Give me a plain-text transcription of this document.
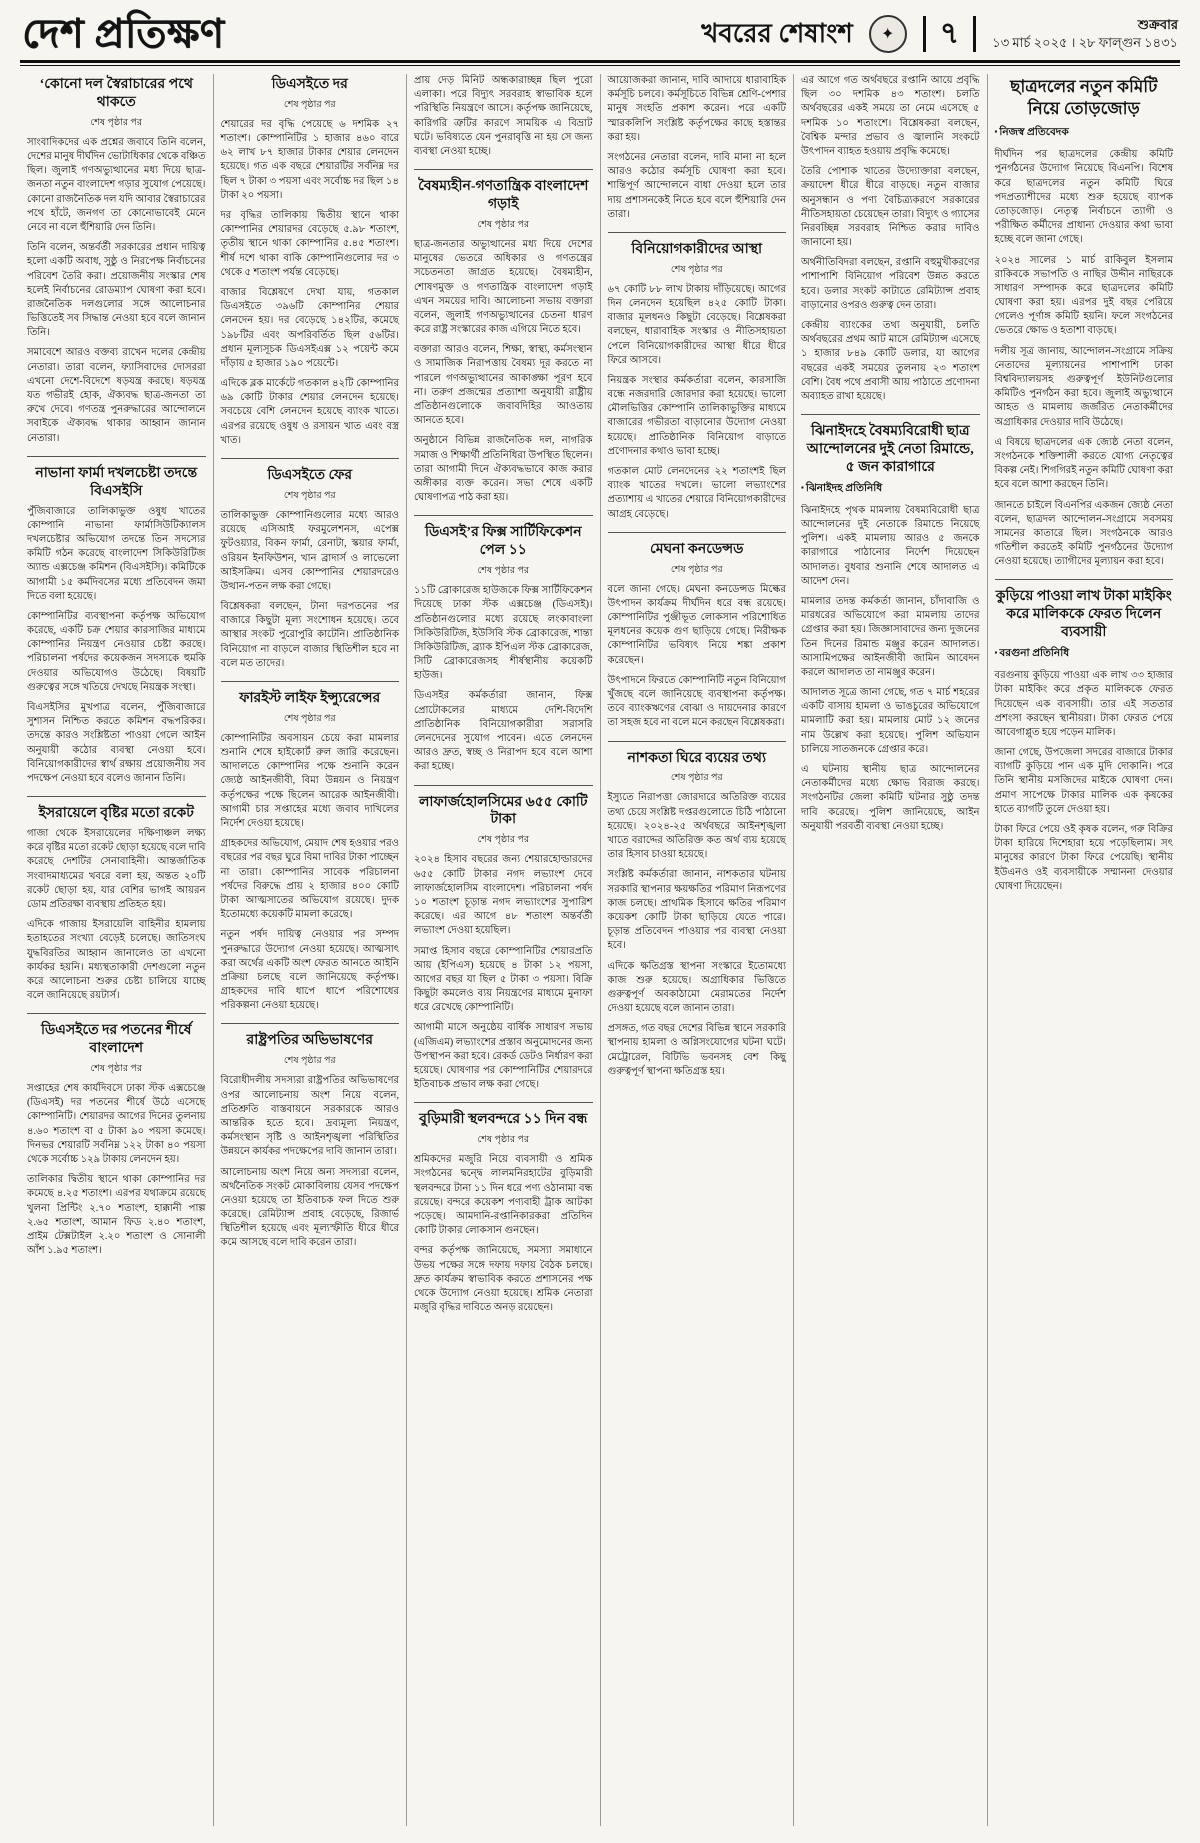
দেশ প্রতিক্ষণ	খবরের শেষাংশ ✦	৭	শুক্রবার
১৩ মার্চ ২০২৫ । ২৮ ফাল্গুন ১৪৩১
‘কোনো দল স্বৈরাচারের পথে থাকতে
শেষ পৃষ্ঠার পর
সাংবাদিকদের এক প্রশ্নের জবাবে তিনি বলেন, দেশের মানুষ দীর্ঘদিন ভোটাধিকার থেকে বঞ্চিত ছিল। জুলাই গণঅভ্যুত্থানের মধ্য দিয়ে ছাত্র-জনতা নতুন বাংলাদেশ গড়ার সুযোগ পেয়েছে। কোনো রাজনৈতিক দল যদি আবার স্বৈরাচারের পথে হাঁটে, জনগণ তা কোনোভাবেই মেনে নেবে না বলে হুঁশিয়ারি দেন তিনি।
তিনি বলেন, অন্তর্বর্তী সরকারের প্রধান দায়িত্ব হলো একটি অবাধ, সুষ্ঠু ও নিরপেক্ষ নির্বাচনের পরিবেশ তৈরি করা। প্রয়োজনীয় সংস্কার শেষ হলেই নির্বাচনের রোডম্যাপ ঘোষণা করা হবে। রাজনৈতিক দলগুলোর সঙ্গে আলোচনার ভিত্তিতেই সব সিদ্ধান্ত নেওয়া হবে বলে জানান তিনি।
সমাবেশে আরও বক্তব্য রাখেন দলের কেন্দ্রীয় নেতারা। তারা বলেন, ফ্যাসিবাদের দোসররা এখনো দেশে-বিদেশে ষড়যন্ত্র করছে। ষড়যন্ত্র যত গভীরই হোক, ঐক্যবদ্ধ ছাত্র-জনতা তা রুখে দেবে। গণতন্ত্র পুনরুদ্ধারের আন্দোলনে সবাইকে ঐক্যবদ্ধ থাকার আহ্বান জানান নেতারা।
নাভানা ফার্মা দখলচেষ্টা তদন্তে বিএসইসি
পুঁজিবাজারে তালিকাভুক্ত ওষুধ খাতের কোম্পানি নাভানা ফার্মাসিউটিক্যালস দখলচেষ্টার অভিযোগ তদন্তে তিন সদস্যের কমিটি গঠন করেছে বাংলাদেশ সিকিউরিটিজ অ্যান্ড এক্সচেঞ্জ কমিশন (বিএসইসি)। কমিটিকে আগামী ১৫ কর্মদিবসের মধ্যে প্রতিবেদন জমা দিতে বলা হয়েছে।
কোম্পানিটির ব্যবস্থাপনা কর্তৃপক্ষ অভিযোগ করেছে, একটি চক্র শেয়ার কারসাজির মাধ্যমে কোম্পানির নিয়ন্ত্রণ নেওয়ার চেষ্টা করছে। পরিচালনা পর্ষদের কয়েকজন সদস্যকে হুমকি দেওয়ার অভিযোগও উঠেছে। বিষয়টি গুরুত্বের সঙ্গে খতিয়ে দেখছে নিয়ন্ত্রক সংস্থা।
বিএসইসির মুখপাত্র বলেন, পুঁজিবাজারে সুশাসন নিশ্চিত করতে কমিশন বদ্ধপরিকর। তদন্তে কারও সংশ্লিষ্টতা পাওয়া গেলে আইন অনুযায়ী কঠোর ব্যবস্থা নেওয়া হবে। বিনিয়োগকারীদের স্বার্থ রক্ষায় প্রয়োজনীয় সব পদক্ষেপ নেওয়া হবে বলেও জানান তিনি।
ইসরায়েলে বৃষ্টির মতো রকেট
গাজা থেকে ইসরায়েলের দক্ষিণাঞ্চল লক্ষ্য করে বৃষ্টির মতো রকেট ছোড়া হয়েছে বলে দাবি করেছে দেশটির সেনাবাহিনী। আন্তর্জাতিক সংবাদমাধ্যমের খবরে বলা হয়, অন্তত ২০টি রকেট ছোড়া হয়, যার বেশির ভাগই আয়রন ডোম প্রতিরক্ষা ব্যবস্থায় প্রতিহত হয়।
এদিকে গাজায় ইসরায়েলি বাহিনীর হামলায় হতাহতের সংখ্যা বেড়েই চলেছে। জাতিসংঘ যুদ্ধবিরতির আহ্বান জানালেও তা এখনো কার্যকর হয়নি। মধ্যস্থতাকারী দেশগুলো নতুন করে আলোচনা শুরুর চেষ্টা চালিয়ে যাচ্ছে বলে জানিয়েছে রয়টার্স।
ডিএসইতে দর পতনের শীর্ষে বাংলাদেশ
শেষ পৃষ্ঠার পর
সপ্তাহের শেষ কার্যদিবসে ঢাকা স্টক এক্সচেঞ্জে (ডিএসই) দর পতনের শীর্ষে উঠে এসেছে কোম্পানিটি। শেয়ারদর আগের দিনের তুলনায় ৪.৬০ শতাংশ বা ৫ টাকা ৯০ পয়সা কমেছে। দিনভর শেয়ারটি সর্বনিম্ন ১২২ টাকা ৪০ পয়সা থেকে সর্বোচ্চ ১২৯ টাকায় লেনদেন হয়।
তালিকার দ্বিতীয় স্থানে থাকা কোম্পানির দর কমেছে ৪.২৫ শতাংশ। এরপর যথাক্রমে রয়েছে খুলনা প্রিন্টিং ২.৭০ শতাংশ, হাক্কানী পাল্প ২.৬৫ শতাংশ, আমান ফিড ২.৪০ শতাংশ, প্রাইম টেক্সটাইল ২.২০ শতাংশ ও সোনালী আঁশ ১.৯৫ শতাংশ।
ডিএসইতে দর
শেষ পৃষ্ঠার পর
শেয়ারের দর বৃদ্ধি পেয়েছে ৬ দশমিক ২৭ শতাংশ। কোম্পানিটির ১ হাজার ৪৬০ বারে ৬২ লাখ ৮৭ হাজার টাকার শেয়ার লেনদেন হয়েছে। গত এক বছরে শেয়ারটির সর্বনিম্ন দর ছিল ৭ টাকা ৩ পয়সা এবং সর্বোচ্চ দর ছিল ১৪ টাকা ২০ পয়সা।
দর বৃদ্ধির তালিকায় দ্বিতীয় স্থানে থাকা কোম্পানির শেয়ারদর বেড়েছে ৫.৯৮ শতাংশ, তৃতীয় স্থানে থাকা কোম্পানির ৫.৪৫ শতাংশ। শীর্ষ দশে থাকা বাকি কোম্পানিগুলোর দর ৩ থেকে ৫ শতাংশ পর্যন্ত বেড়েছে।
বাজার বিশ্লেষণে দেখা যায়, গতকাল ডিএসইতে ৩৯৬টি কোম্পানির শেয়ার লেনদেন হয়। দর বেড়েছে ১৪২টির, কমেছে ১৯৮টির এবং অপরিবর্তিত ছিল ৫৬টির। প্রধান মূল্যসূচক ডিএসইএক্স ১২ পয়েন্ট কমে দাঁড়ায় ৫ হাজার ১৯০ পয়েন্টে।
এদিকে ব্লক মার্কেটে গতকাল ৪২টি কোম্পানির ৬৯ কোটি টাকার শেয়ার লেনদেন হয়েছে। সবচেয়ে বেশি লেনদেন হয়েছে ব্যাংক খাতে। এরপর রয়েছে ওষুধ ও রসায়ন খাত এবং বস্ত্র খাত।
ডিএসইতে ফের
শেষ পৃষ্ঠার পর
তালিকাভুক্ত কোম্পানিগুলোর মধ্যে আরও রয়েছে এসিআই ফরমুলেশনস, এপেক্স ফুটওয়্যার, বিকন ফার্মা, রেনাটা, স্কয়ার ফার্মা, ওরিয়ন ইনফিউশন, খান ব্রাদার্স ও লাভেলো আইসক্রিম। এসব কোম্পানির শেয়ারদরেও উত্থান-পতন লক্ষ করা গেছে।
বিশ্লেষকরা বলছেন, টানা দরপতনের পর বাজারে কিছুটা মূল্য সংশোধন হয়েছে। তবে আস্থার সংকট পুরোপুরি কাটেনি। প্রাতিষ্ঠানিক বিনিয়োগ না বাড়লে বাজার স্থিতিশীল হবে না বলে মত তাদের।
ফারইস্ট লাইফ ইন্স্যুরেন্সের
শেষ পৃষ্ঠার পর
কোম্পানিটির অবসায়ন চেয়ে করা মামলার শুনানি শেষে হাইকোর্ট রুল জারি করেছেন। আদালতে কোম্পানির পক্ষে শুনানি করেন জ্যেষ্ঠ আইনজীবী, বিমা উন্নয়ন ও নিয়ন্ত্রণ কর্তৃপক্ষের পক্ষে ছিলেন আরেক আইনজীবী। আগামী চার সপ্তাহের মধ্যে জবাব দাখিলের নির্দেশ দেওয়া হয়েছে।
গ্রাহকদের অভিযোগ, মেয়াদ শেষ হওয়ার পরও বছরের পর বছর ঘুরে বিমা দাবির টাকা পাচ্ছেন না তারা। কোম্পানির সাবেক পরিচালনা পর্ষদের বিরুদ্ধে প্রায় ২ হাজার ৪০০ কোটি টাকা আত্মসাতের অভিযোগ রয়েছে। দুদক ইতোমধ্যে কয়েকটি মামলা করেছে।
নতুন পর্ষদ দায়িত্ব নেওয়ার পর সম্পদ পুনরুদ্ধারে উদ্যোগ নেওয়া হয়েছে। আত্মসাৎ করা অর্থের একটি অংশ ফেরত আনতে আইনি প্রক্রিয়া চলছে বলে জানিয়েছে কর্তৃপক্ষ। গ্রাহকদের দাবি ধাপে ধাপে পরিশোধের পরিকল্পনা নেওয়া হয়েছে।
রাষ্ট্রপতির অভিভাষণের
শেষ পৃষ্ঠার পর
বিরোধীদলীয় সদস্যরা রাষ্ট্রপতির অভিভাষণের ওপর আলোচনায় অংশ নিয়ে বলেন, প্রতিশ্রুতি বাস্তবায়নে সরকারকে আরও আন্তরিক হতে হবে। দ্রব্যমূল্য নিয়ন্ত্রণ, কর্মসংস্থান সৃষ্টি ও আইনশৃঙ্খলা পরিস্থিতির উন্নয়নে কার্যকর পদক্ষেপের দাবি জানান তারা।
আলোচনায় অংশ নিয়ে অন্য সদস্যরা বলেন, অর্থনৈতিক সংকট মোকাবিলায় যেসব পদক্ষেপ নেওয়া হয়েছে তা ইতিবাচক ফল দিতে শুরু করেছে। রেমিট্যান্স প্রবাহ বেড়েছে, রিজার্ভ স্থিতিশীল হয়েছে এবং মূল্যস্ফীতি ধীরে ধীরে কমে আসছে বলে দাবি করেন তারা।
প্রায় দেড় মিনিট অন্ধকারাচ্ছন্ন ছিল পুরো এলাকা। পরে বিদ্যুৎ সরবরাহ স্বাভাবিক হলে পরিস্থিতি নিয়ন্ত্রণে আসে। কর্তৃপক্ষ জানিয়েছে, কারিগরি ত্রুটির কারণে সাময়িক এ বিভ্রাট ঘটে। ভবিষ্যতে যেন পুনরাবৃত্তি না হয় সে জন্য ব্যবস্থা নেওয়া হচ্ছে।
বৈষম্যহীন-গণতান্ত্রিক বাংলাদেশ গড়াই
শেষ পৃষ্ঠার পর
ছাত্র-জনতার অভ্যুত্থানের মধ্য দিয়ে দেশের মানুষের ভেতরে অধিকার ও গণতন্ত্রের সচেতনতা জাগ্রত হয়েছে। বৈষম্যহীন, শোষণমুক্ত ও গণতান্ত্রিক বাংলাদেশ গড়াই এখন সময়ের দাবি। আলোচনা সভায় বক্তারা বলেন, জুলাই গণঅভ্যুত্থানের চেতনা ধারণ করে রাষ্ট্র সংস্কারের কাজ এগিয়ে নিতে হবে।
বক্তারা আরও বলেন, শিক্ষা, স্বাস্থ্য, কর্মসংস্থান ও সামাজিক নিরাপত্তায় বৈষম্য দূর করতে না পারলে গণঅভ্যুত্থানের আকাঙ্ক্ষা পূরণ হবে না। তরুণ প্রজন্মের প্রত্যাশা অনুযায়ী রাষ্ট্রীয় প্রতিষ্ঠানগুলোকে জবাবদিহির আওতায় আনতে হবে।
অনুষ্ঠানে বিভিন্ন রাজনৈতিক দল, নাগরিক সমাজ ও শিক্ষার্থী প্রতিনিধিরা উপস্থিত ছিলেন। তারা আগামী দিনে ঐক্যবদ্ধভাবে কাজ করার অঙ্গীকার ব্যক্ত করেন। সভা শেষে একটি ঘোষণাপত্র পাঠ করা হয়।
ডিএসই’র ফিক্স সার্টিফিকেশন পেল ১১
শেষ পৃষ্ঠার পর
১১টি ব্রোকারেজ হাউজকে ফিক্স সার্টিফিকেশন দিয়েছে ঢাকা স্টক এক্সচেঞ্জ (ডিএসই)। প্রতিষ্ঠানগুলোর মধ্যে রয়েছে লংকাবাংলা সিকিউরিটিজ, ইউসিবি স্টক ব্রোকারেজ, শান্তা সিকিউরিটিজ, ব্র্যাক ইপিএল স্টক ব্রোকারেজ, সিটি ব্রোকারেজসহ শীর্ষস্থানীয় কয়েকটি হাউজ।
ডিএসইর কর্মকর্তারা জানান, ফিক্স প্রোটোকলের মাধ্যমে দেশি-বিদেশি প্রাতিষ্ঠানিক বিনিয়োগকারীরা সরাসরি লেনদেনের সুযোগ পাবেন। এতে লেনদেন আরও দ্রুত, স্বচ্ছ ও নিরাপদ হবে বলে আশা করা হচ্ছে।
লাফার্জহোলসিমের ৬৫৫ কোটি টাকা
শেষ পৃষ্ঠার পর
২০২৪ হিসাব বছরের জন্য শেয়ারহোল্ডারদের ৬৫৫ কোটি টাকার নগদ লভ্যাংশ দেবে লাফার্জহোলসিম বাংলাদেশ। পরিচালনা পর্ষদ ১০ শতাংশ চূড়ান্ত নগদ লভ্যাংশের সুপারিশ করেছে। এর আগে ৪৮ শতাংশ অন্তর্বর্তী লভ্যাংশ দেওয়া হয়েছিল।
সমাপ্ত হিসাব বছরে কোম্পানিটির শেয়ারপ্রতি আয় (ইপিএস) হয়েছে ৪ টাকা ১২ পয়সা, আগের বছর যা ছিল ৫ টাকা ৩ পয়সা। বিক্রি কিছুটা কমলেও ব্যয় নিয়ন্ত্রণের মাধ্যমে মুনাফা ধরে রেখেছে কোম্পানিটি।
আগামী মাসে অনুষ্ঠেয় বার্ষিক সাধারণ সভায় (এজিএম) লভ্যাংশের প্রস্তাব অনুমোদনের জন্য উপস্থাপন করা হবে। রেকর্ড ডেটও নির্ধারণ করা হয়েছে। ঘোষণার পর কোম্পানিটির শেয়ারদরে ইতিবাচক প্রভাব লক্ষ করা গেছে।
বুড়িমারী স্থলবন্দরে ১১ দিন বন্ধ
শেষ পৃষ্ঠার পর
শ্রমিকদের মজুরি নিয়ে ব্যবসায়ী ও শ্রমিক সংগঠনের দ্বন্দ্বে লালমনিরহাটের বুড়িমারী স্থলবন্দরে টানা ১১ দিন ধরে পণ্য ওঠানামা বন্ধ রয়েছে। বন্দরে কয়েকশ পণ্যবাহী ট্রাক আটকা পড়েছে। আমদানি-রপ্তানিকারকরা প্রতিদিন কোটি টাকার লোকসান গুনছেন।
বন্দর কর্তৃপক্ষ জানিয়েছে, সমস্যা সমাধানে উভয় পক্ষের সঙ্গে দফায় দফায় বৈঠক চলছে। দ্রুত কার্যক্রম স্বাভাবিক করতে প্রশাসনের পক্ষ থেকে উদ্যোগ নেওয়া হয়েছে। শ্রমিক নেতারা মজুরি বৃদ্ধির দাবিতে অনড় রয়েছেন।
আয়োজকরা জানান, দাবি আদায়ে ধারাবাহিক কর্মসূচি চলবে। কর্মসূচিতে বিভিন্ন শ্রেণি-পেশার মানুষ সংহতি প্রকাশ করেন। পরে একটি স্মারকলিপি সংশ্লিষ্ট কর্তৃপক্ষের কাছে হস্তান্তর করা হয়।
সংগঠনের নেতারা বলেন, দাবি মানা না হলে আরও কঠোর কর্মসূচি ঘোষণা করা হবে। শান্তিপূর্ণ আন্দোলনে বাধা দেওয়া হলে তার দায় প্রশাসনকেই নিতে হবে বলে হুঁশিয়ারি দেন তারা।
বিনিয়োগকারীদের আস্থা
শেষ পৃষ্ঠার পর
৬৭ কোটি ৮৮ লাখ টাকায় দাঁড়িয়েছে। আগের দিন লেনদেন হয়েছিল ৪২৫ কোটি টাকা। বাজার মূলধনও কিছুটা বেড়েছে। বিশ্লেষকরা বলছেন, ধারাবাহিক সংস্কার ও নীতিসহায়তা পেলে বিনিয়োগকারীদের আস্থা ধীরে ধীরে ফিরে আসবে।
নিয়ন্ত্রক সংস্থার কর্মকর্তারা বলেন, কারসাজি বন্ধে নজরদারি জোরদার করা হয়েছে। ভালো মৌলভিত্তির কোম্পানি তালিকাভুক্তির মাধ্যমে বাজারের গভীরতা বাড়ানোর উদ্যোগ নেওয়া হয়েছে। প্রাতিষ্ঠানিক বিনিয়োগ বাড়াতে প্রণোদনার কথাও ভাবা হচ্ছে।
গতকাল মোট লেনদেনের ২২ শতাংশই ছিল ব্যাংক খাতের দখলে। ভালো লভ্যাংশের প্রত্যাশায় এ খাতের শেয়ারে বিনিয়োগকারীদের আগ্রহ বেড়েছে।
মেঘনা কনডেন্সড
শেষ পৃষ্ঠার পর
বলে জানা গেছে। মেঘনা কনডেন্সড মিল্কের উৎপাদন কার্যক্রম দীর্ঘদিন ধরে বন্ধ রয়েছে। কোম্পানিটির পুঞ্জীভূত লোকসান পরিশোধিত মূলধনের কয়েক গুণ ছাড়িয়ে গেছে। নিরীক্ষক কোম্পানিটির ভবিষ্যৎ নিয়ে শঙ্কা প্রকাশ করেছেন।
উৎপাদনে ফিরতে কোম্পানিটি নতুন বিনিয়োগ খুঁজছে বলে জানিয়েছে ব্যবস্থাপনা কর্তৃপক্ষ। তবে ব্যাংকঋণের বোঝা ও দায়দেনার কারণে তা সহজ হবে না বলে মনে করছেন বিশ্লেষকরা।
নাশকতা ঘিরে ব্যয়ের তথ্য
শেষ পৃষ্ঠার পর
ইস্যুতে নিরাপত্তা জোরদারে অতিরিক্ত ব্যয়ের তথ্য চেয়ে সংশ্লিষ্ট দপ্তরগুলোতে চিঠি পাঠানো হয়েছে। ২০২৪-২৫ অর্থবছরে আইনশৃঙ্খলা খাতে বরাদ্দের অতিরিক্ত কত অর্থ ব্যয় হয়েছে তার হিসাব চাওয়া হয়েছে।
সংশ্লিষ্ট কর্মকর্তারা জানান, নাশকতার ঘটনায় সরকারি স্থাপনার ক্ষয়ক্ষতির পরিমাণ নিরূপণের কাজ চলছে। প্রাথমিক হিসাবে ক্ষতির পরিমাণ কয়েকশ কোটি টাকা ছাড়িয়ে যেতে পারে। চূড়ান্ত প্রতিবেদন পাওয়ার পর ব্যবস্থা নেওয়া হবে।
এদিকে ক্ষতিগ্রস্ত স্থাপনা সংস্কারে ইতোমধ্যে কাজ শুরু হয়েছে। অগ্রাধিকার ভিত্তিতে গুরুত্বপূর্ণ অবকাঠামো মেরামতের নির্দেশ দেওয়া হয়েছে বলে জানান তারা।
প্রসঙ্গত, গত বছর দেশের বিভিন্ন স্থানে সরকারি স্থাপনায় হামলা ও অগ্নিসংযোগের ঘটনা ঘটে। মেট্রোরেল, বিটিভি ভবনসহ বেশ কিছু গুরুত্বপূর্ণ স্থাপনা ক্ষতিগ্রস্ত হয়।
এর আগে গত অর্থবছরে রপ্তানি আয়ে প্রবৃদ্ধি ছিল ৩০ দশমিক ৪৩ শতাংশ। চলতি অর্থবছরের একই সময়ে তা নেমে এসেছে ৫ দশমিক ১০ শতাংশে। বিশ্লেষকরা বলছেন, বৈশ্বিক মন্দার প্রভাব ও জ্বালানি সংকটে উৎপাদন ব্যাহত হওয়ায় প্রবৃদ্ধি কমেছে।
তৈরি পোশাক খাতের উদ্যোক্তারা বলছেন, ক্রয়াদেশ ধীরে ধীরে বাড়ছে। নতুন বাজার অনুসন্ধান ও পণ্য বৈচিত্র্যকরণে সরকারের নীতিসহায়তা চেয়েছেন তারা। বিদ্যুৎ ও গ্যাসের নিরবচ্ছিন্ন সরবরাহ নিশ্চিত করার দাবিও জানানো হয়।
অর্থনীতিবিদরা বলছেন, রপ্তানি বহুমুখীকরণের পাশাপাশি বিনিয়োগ পরিবেশ উন্নত করতে হবে। ডলার সংকট কাটাতে রেমিট্যান্স প্রবাহ বাড়ানোর ওপরও গুরুত্ব দেন তারা।
কেন্দ্রীয় ব্যাংকের তথ্য অনুযায়ী, চলতি অর্থবছরের প্রথম আট মাসে রেমিট্যান্স এসেছে ১ হাজার ৮৪৯ কোটি ডলার, যা আগের বছরের একই সময়ের তুলনায় ২৩ শতাংশ বেশি। বৈধ পথে প্রবাসী আয় পাঠাতে প্রণোদনা অব্যাহত রাখা হয়েছে।
ঝিনাইদহে বৈষম্যবিরোধী ছাত্র আন্দোলনের দুই নেতা রিমান্ডে, ৫ জন কারাগারে
▪ ঝিনাইদহ প্রতিনিধি
ঝিনাইদহে পৃথক মামলায় বৈষম্যবিরোধী ছাত্র আন্দোলনের দুই নেতাকে রিমান্ডে নিয়েছে পুলিশ। একই মামলায় আরও ৫ জনকে কারাগারে পাঠানোর নির্দেশ দিয়েছেন আদালত। বুধবার শুনানি শেষে আদালত এ আদেশ দেন।
মামলার তদন্ত কর্মকর্তা জানান, চাঁদাবাজি ও মারধরের অভিযোগে করা মামলায় তাদের গ্রেপ্তার করা হয়। জিজ্ঞাসাবাদের জন্য দুজনের তিন দিনের রিমান্ড মঞ্জুর করেন আদালত। আসামিপক্ষের আইনজীবী জামিন আবেদন করলে আদালত তা নামঞ্জুর করেন।
আদালত সূত্রে জানা গেছে, গত ৭ মার্চ শহরের একটি বাসায় হামলা ও ভাঙচুরের অভিযোগে মামলাটি করা হয়। মামলায় মোট ১২ জনের নাম উল্লেখ করা হয়েছে। পুলিশ অভিযান চালিয়ে সাতজনকে গ্রেপ্তার করে।
এ ঘটনায় স্থানীয় ছাত্র আন্দোলনের নেতাকর্মীদের মধ্যে ক্ষোভ বিরাজ করছে। সংগঠনটির জেলা কমিটি ঘটনার সুষ্ঠু তদন্ত দাবি করেছে। পুলিশ জানিয়েছে, আইন অনুযায়ী পরবর্তী ব্যবস্থা নেওয়া হচ্ছে।
ছাত্রদলের নতুন কমিটি নিয়ে তোড়জোড়
▪ নিজস্ব প্রতিবেদক
দীর্ঘদিন পর ছাত্রদলের কেন্দ্রীয় কমিটি পুনর্গঠনের উদ্যোগ নিয়েছে বিএনপি। বিশেষ করে ছাত্রদলের নতুন কমিটি ঘিরে পদপ্রত্যাশীদের মধ্যে শুরু হয়েছে ব্যাপক তোড়জোড়। নেতৃত্ব নির্বাচনে ত্যাগী ও পরীক্ষিত কর্মীদের প্রাধান্য দেওয়ার কথা ভাবা হচ্ছে বলে জানা গেছে।
২০২৪ সালের ১ মার্চ রাকিবুল ইসলাম রাকিবকে সভাপতি ও নাছির উদ্দীন নাছিরকে সাধারণ সম্পাদক করে ছাত্রদলের কমিটি ঘোষণা করা হয়। এরপর দুই বছর পেরিয়ে গেলেও পূর্ণাঙ্গ কমিটি হয়নি। ফলে সংগঠনের ভেতরে ক্ষোভ ও হতাশা বাড়ছে।
দলীয় সূত্র জানায়, আন্দোলন-সংগ্রামে সক্রিয় নেতাদের মূল্যায়নের পাশাপাশি ঢাকা বিশ্ববিদ্যালয়সহ গুরুত্বপূর্ণ ইউনিটগুলোর কমিটিও পুনর্গঠন করা হবে। জুলাই অভ্যুত্থানে আহত ও মামলায় জর্জরিত নেতাকর্মীদের অগ্রাধিকার দেওয়ার দাবি উঠেছে।
এ বিষয়ে ছাত্রদলের এক জ্যেষ্ঠ নেতা বলেন, সংগঠনকে শক্তিশালী করতে যোগ্য নেতৃত্বের বিকল্প নেই। শিগগিরই নতুন কমিটি ঘোষণা করা হবে বলে আশা করছেন তিনি।
জানতে চাইলে বিএনপির একজন জ্যেষ্ঠ নেতা বলেন, ছাত্রদল আন্দোলন-সংগ্রামে সবসময় সামনের কাতারে ছিল। সংগঠনকে আরও গতিশীল করতেই কমিটি পুনর্গঠনের উদ্যোগ নেওয়া হয়েছে। ত্যাগীদের মূল্যায়ন করা হবে।
কুড়িয়ে পাওয়া লাখ টাকা মাইকিং করে মালিককে ফেরত দিলেন ব্যবসায়ী
▪ বরগুনা প্রতিনিধি
বরগুনায় কুড়িয়ে পাওয়া এক লাখ ৩৩ হাজার টাকা মাইকিং করে প্রকৃত মালিককে ফেরত দিয়েছেন এক ব্যবসায়ী। তার এই সততার প্রশংসা করছেন স্থানীয়রা। টাকা ফেরত পেয়ে আবেগাপ্লুত হয়ে পড়েন মালিক।
জানা গেছে, উপজেলা সদরের বাজারে টাকার ব্যাগটি কুড়িয়ে পান এক মুদি দোকানি। পরে তিনি স্থানীয় মসজিদের মাইকে ঘোষণা দেন। প্রমাণ সাপেক্ষে টাকার মালিক এক কৃষকের হাতে ব্যাগটি তুলে দেওয়া হয়।
টাকা ফিরে পেয়ে ওই কৃষক বলেন, গরু বিক্রির টাকা হারিয়ে দিশেহারা হয়ে পড়েছিলাম। সৎ মানুষের কারণে টাকা ফিরে পেয়েছি। স্থানীয় ইউএনও ওই ব্যবসায়ীকে সম্মাননা দেওয়ার ঘোষণা দিয়েছেন।
